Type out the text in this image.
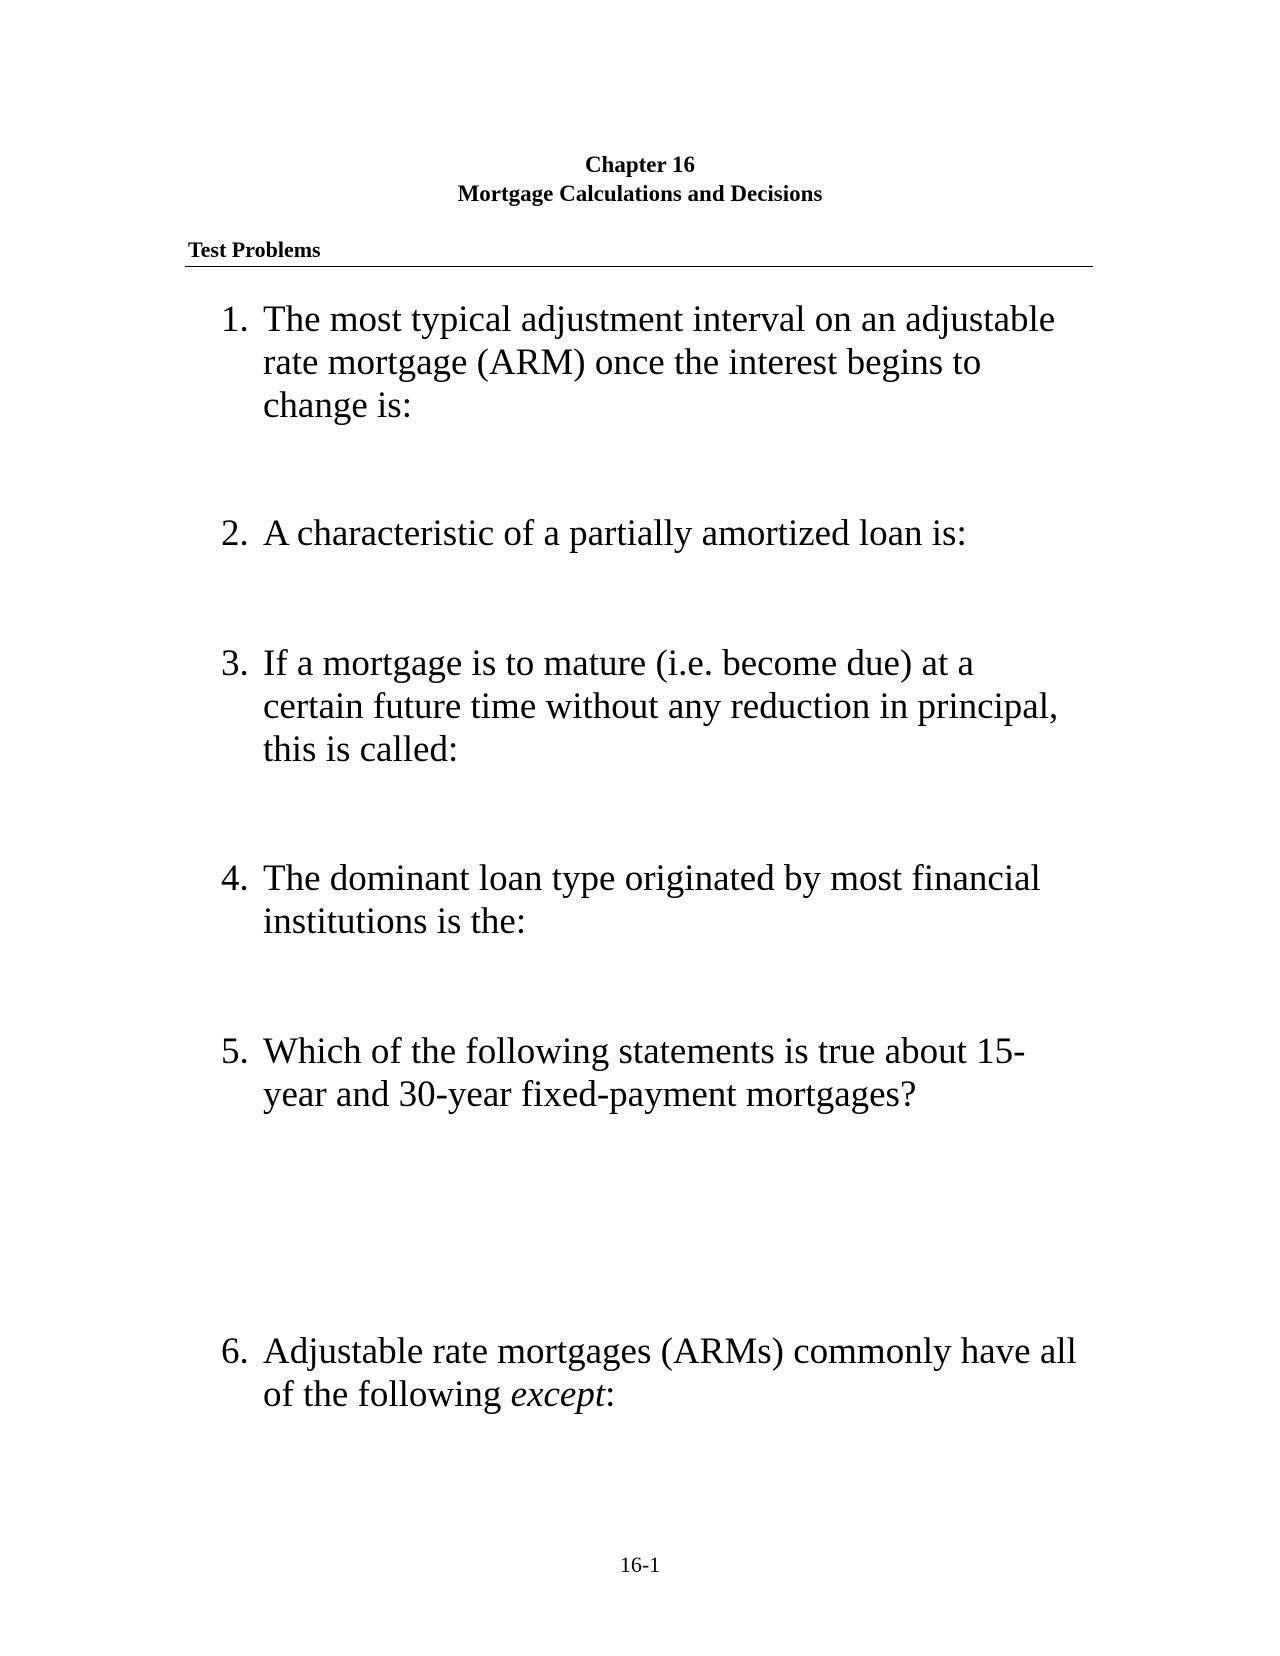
Chapter 16
Mortgage Calculations and Decisions
Test Problems
1. The most typical adjustment interval on an adjustable
rate mortgage (ARM) once the interest begins to
change is:
2. A characteristic of a partially amortized loan is:
3. If a mortgage is to mature (i.e. become due) at a
certain future time without any reduction in principal,
this is called:
4. The dominant loan type originated by most financial
institutions is the:
5. Which of the following statements is true about 15-
year and 30-year fixed-payment mortgages?
6. Adjustable rate mortgages (ARMs) commonly have all
of the following except:
16-1
